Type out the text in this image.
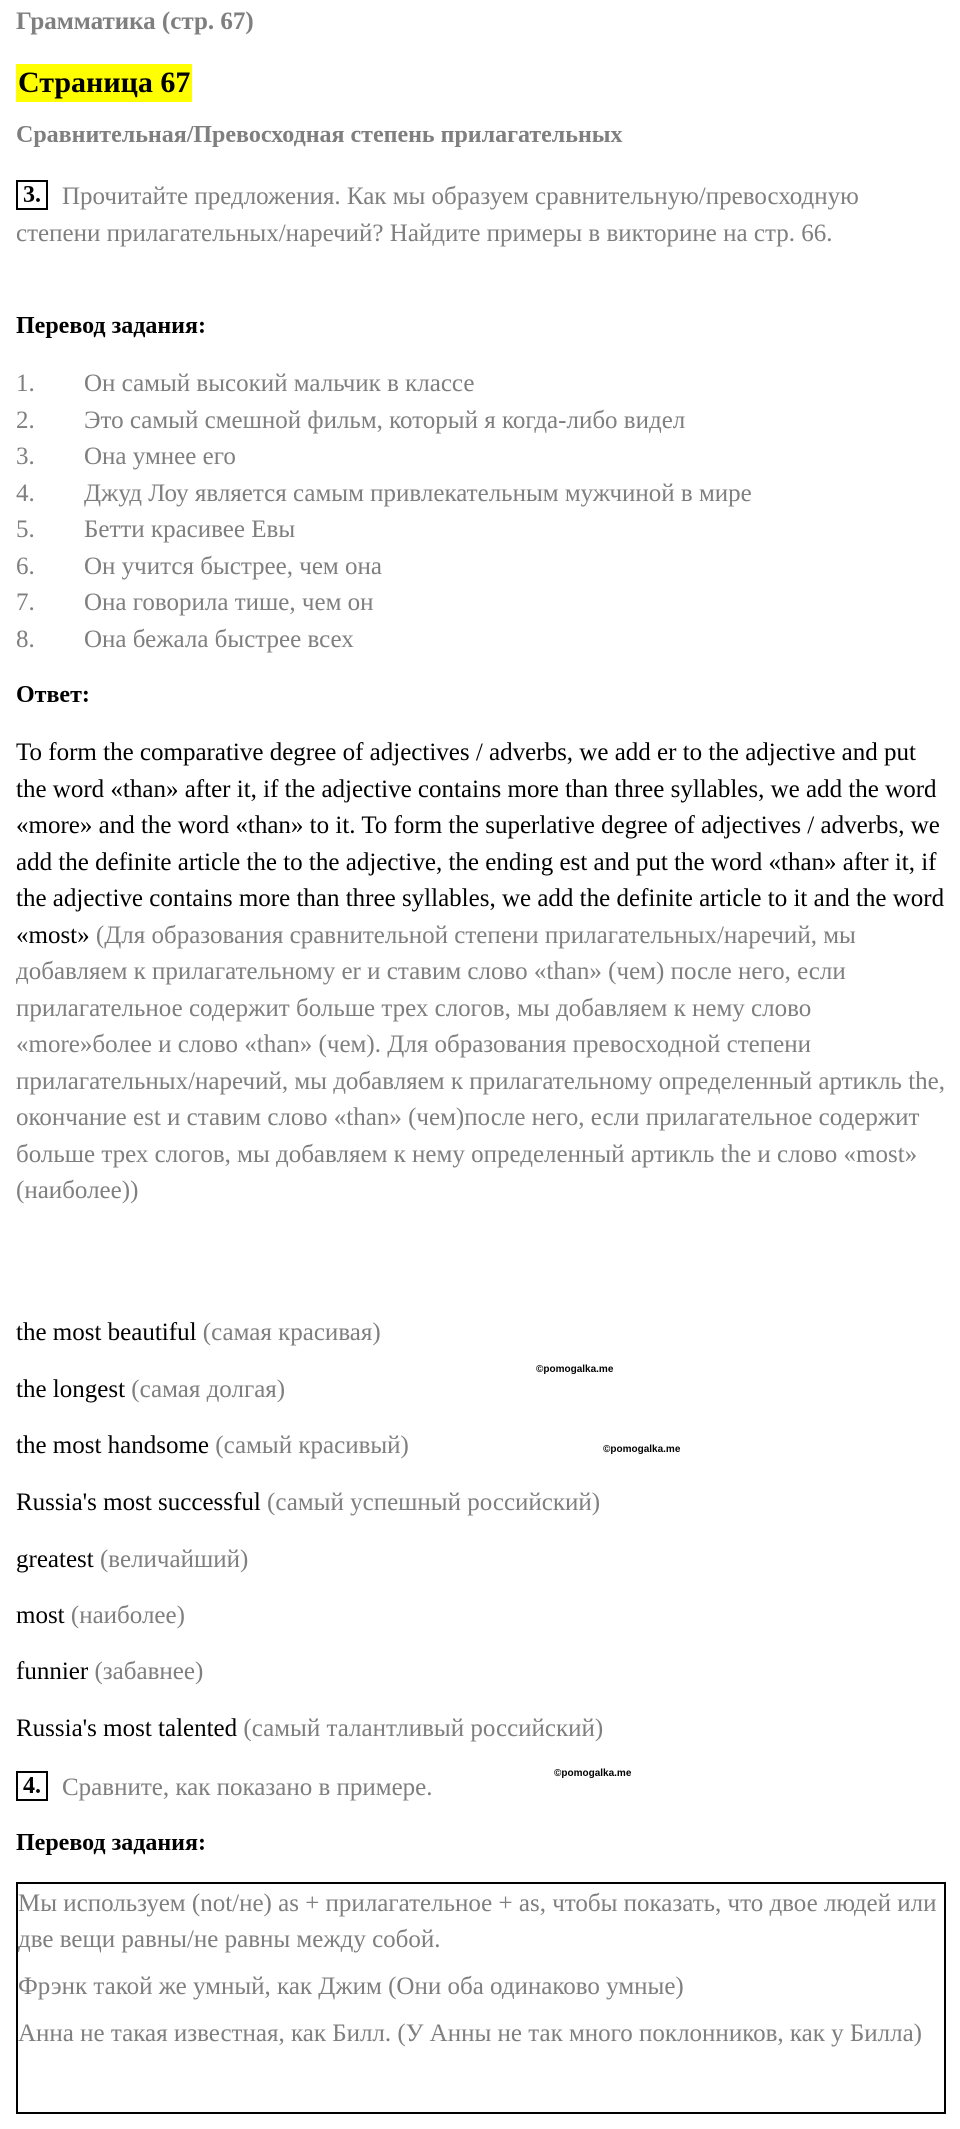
Грамматика (стр. 67)
Страница 67
Сравнительная/Превосходная степень прилагательных
3. Прочитайте предложения. Как мы образуем сравнительную/превосходную степени прилагательных/наречий? Найдите примеры в викторине на стр. 66.
Перевод задания:
1. Он самый высокий мальчик в классе
2. Это самый смешной фильм, который я когда-либо видел
3. Она умнее его
4. Джуд Лоу является самым привлекательным мужчиной в мире
5. Бетти красивее Евы
6. Он учится быстрее, чем она
7. Она говорила тише, чем он
8. Она бежала быстрее всех
Ответ:
To form the comparative degree of adjectives / adverbs, we add er to the adjective and put the word «than» after it, if the adjective contains more than three syllables, we add the word «more» and the word «than» to it. To form the superlative degree of adjectives / adverbs, we add the definite article the to the adjective, the ending est and put the word «than» after it, if the adjective contains more than three syllables, we add the definite article to it and the word «most» (Для образования сравнительной степени прилагательных/наречий, мы добавляем к прилагательному er и ставим слово «than» (чем) после него, если прилагательное содержит больше трех слогов, мы добавляем к нему слово «more»более и слово «than» (чем). Для образования превосходной степени прилагательных/наречий, мы добавляем к прилагательному определенный артикль the, окончание est и ставим слово «than» (чем)после него, если прилагательное содержит больше трех слогов, мы добавляем к нему определенный артикль the и слово «most» (наиболее))
the most beautiful (самая красивая)
the longest (самая долгая)
the most handsome (самый красивый)
Russia's most successful (самый успешный российский)
greatest (величайший)
most (наиболее)
funnier (забавнее)
Russia's most talented (самый талантливый российский)
©pomogalka.me
©pomogalka.me
©pomogalka.me
4. Сравните, как показано в примере.
Перевод задания:

Мы используем (not/не) as + прилагательное + as, чтобы показать, что двое людей или две вещи равны/не равны между собой.

Фрэнк такой же умный, как Джим (Они оба одинаково умные)

Анна не такая известная, как Билл. (У Анны не так много поклонников, как у Билла)
